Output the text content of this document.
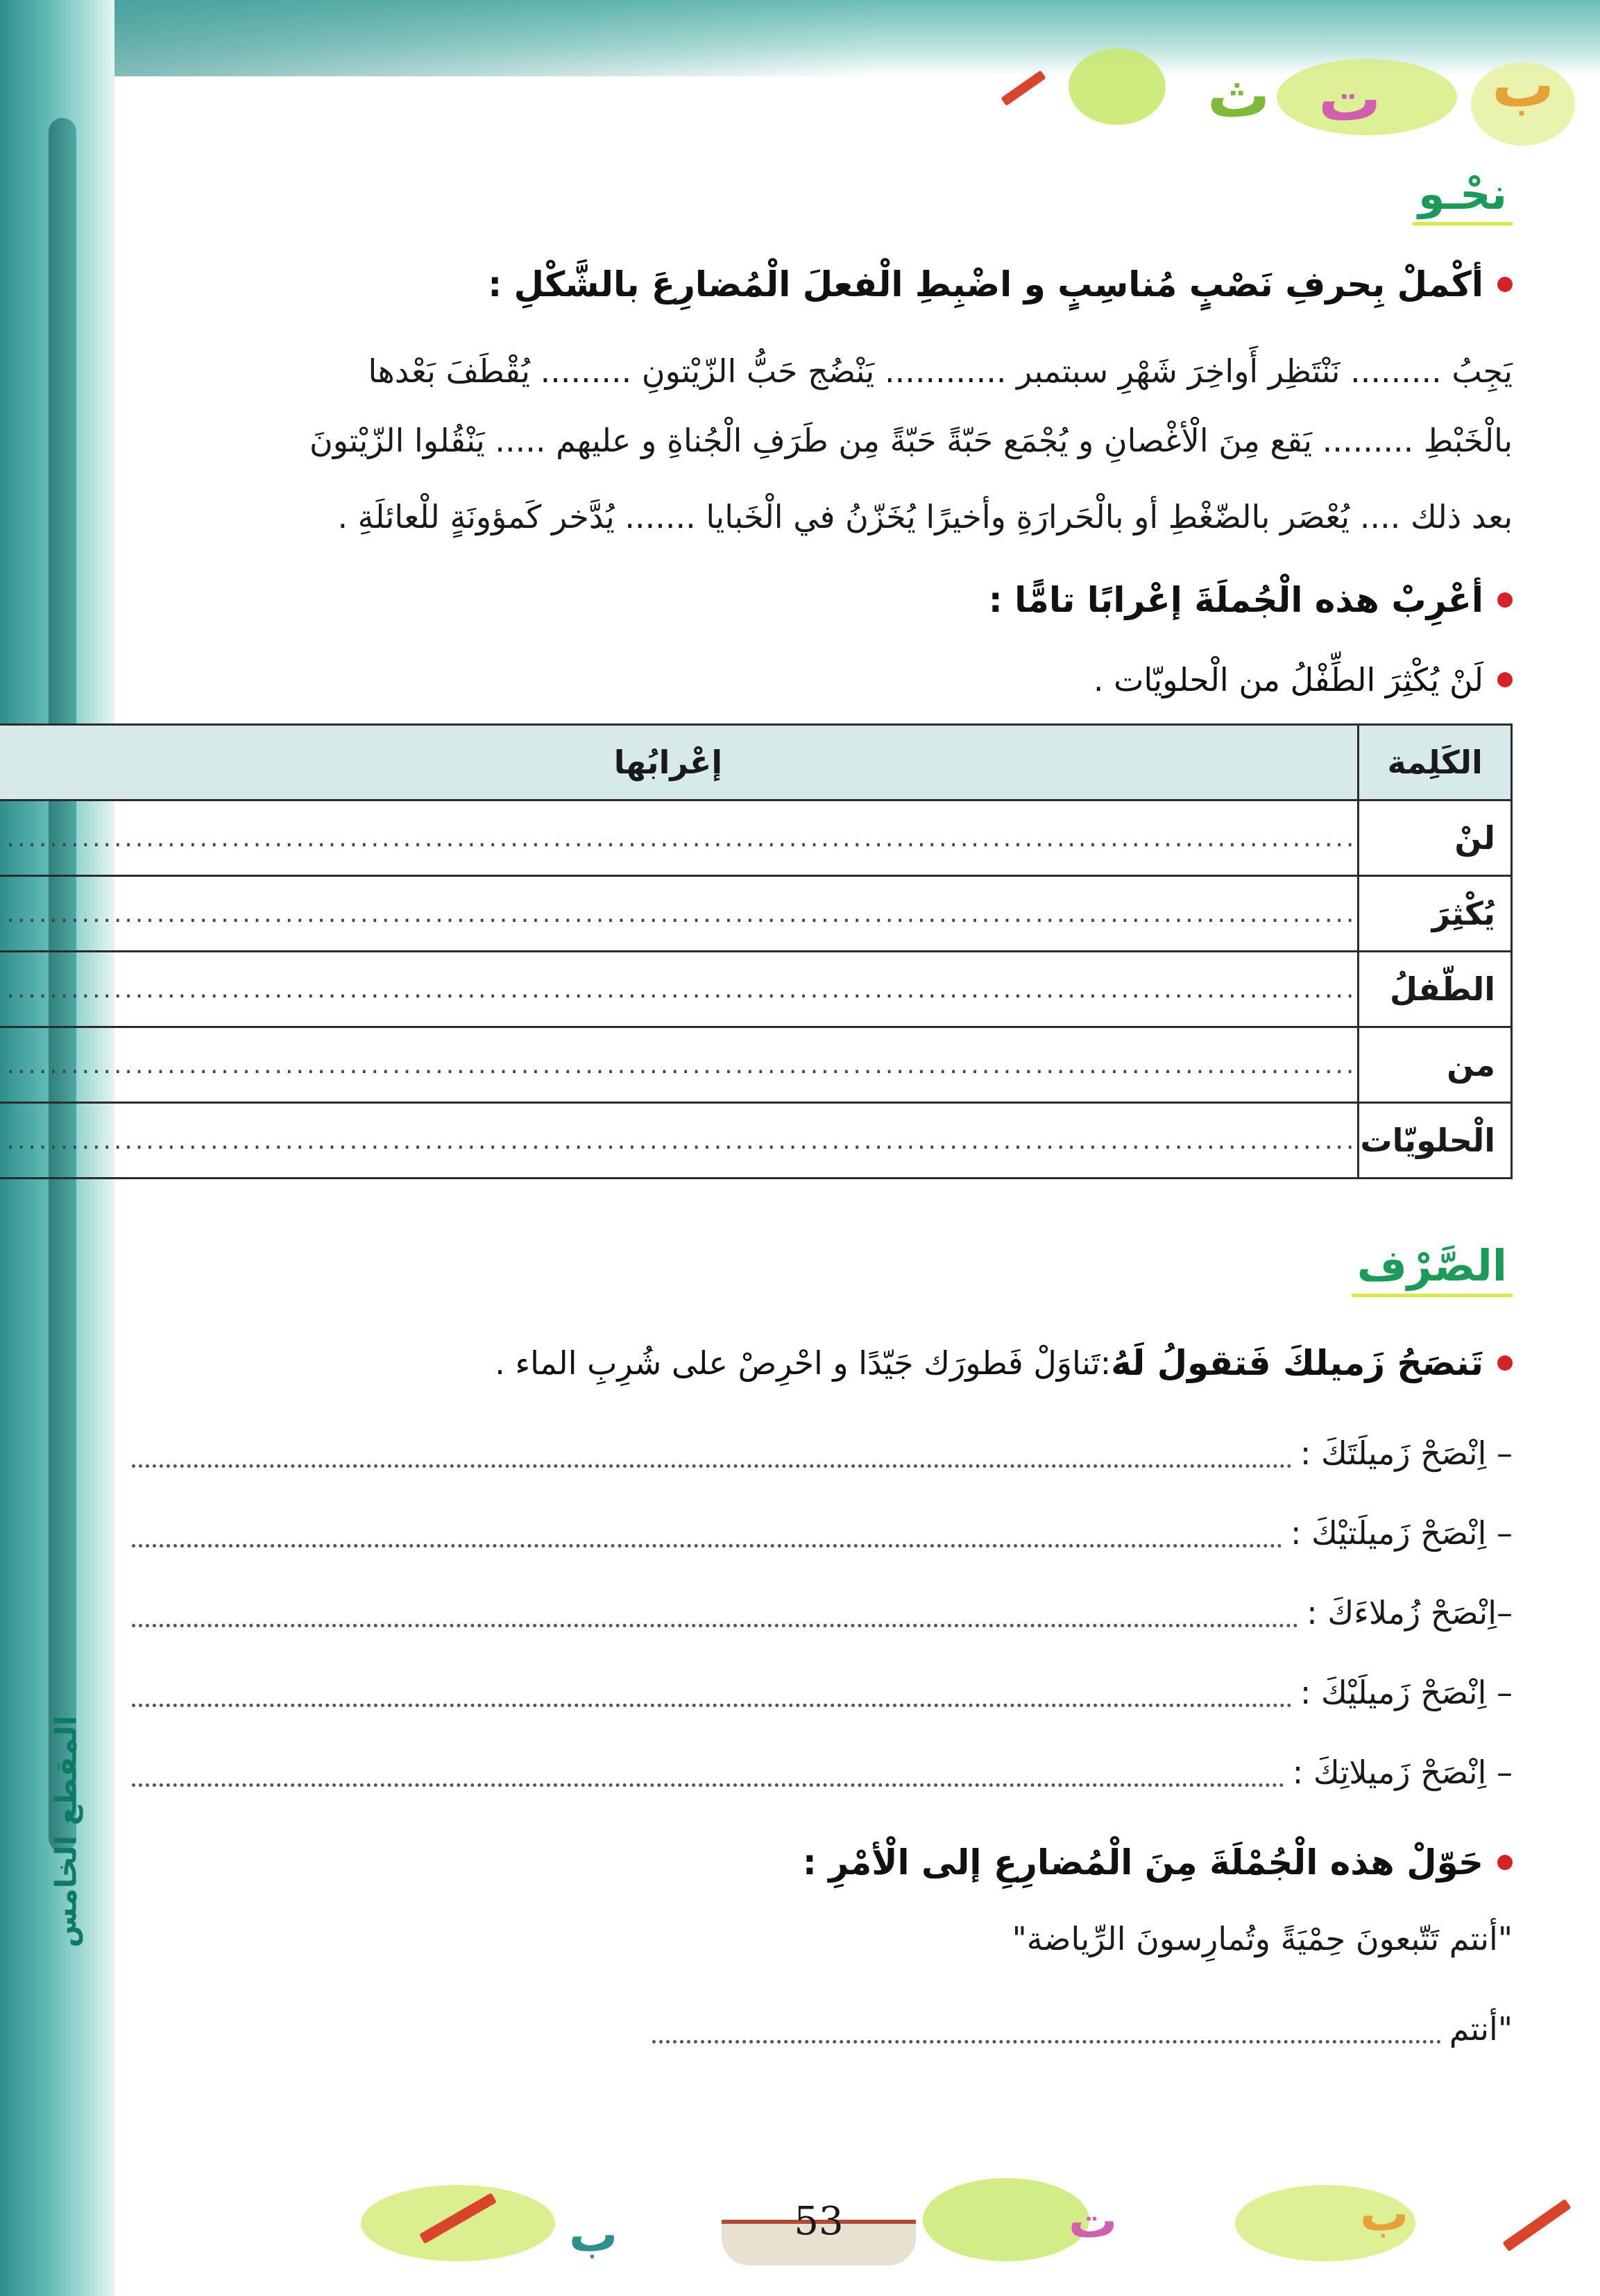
ث ت ب
ب	ت	ب
53
المقطع الخامس
نحْـو
أكْملْ بِحرفِ نَصْبٍ مُناسِبٍ و اضْبِطِ الْفعلَ الْمُضارِعَ بالشَّكْلِ :
يَجِبُ ......... نَنْتَظِر أَواخِرَ شَهْرِ سبتمبر ............ يَنْضُج حَبُّ الزّيْتونِ ......... يُقْطَفَ بَعْدها
بالْخَبْطِ ......... يَقع مِنَ الْأغْصانِ و يُجْمَع حَبّةً حَبّةً مِن طَرَفِ الْجُناةِ و عليهم ..... يَنْقُلوا الزّيْتونَ
بعد ذلك .... يُعْصَر بالضّغْطِ أو بالْحَرارَةِ وأخيرًا يُخَزّنُ في الْخَبايا ....... يُدَّخر كَمؤونَةٍ للْعائلَةِ .
أعْرِبْ هذه الْجُملَةَ إعْرابًا تامًّا :
لَنْ يُكْثِرَ الطِّفْلُ من الْحلويّات .
الكَلِمة	إعْرابُها
لنْ	..............................................................................................................................
يُكْثِرَ	..............................................................................................................................
الطّفلُ	..............................................................................................................................
من	..............................................................................................................................
الْحلويّات	..............................................................................................................................
الصَّرْف
تَنصَحُ زَميلكَ فَتقولُ لَهُ
:تَناوَلْ فَطورَك جَيّدًا و احْرِصْ على شُرِبِ الماء .
– اِنْصَحْ زَميلَتَكَ :
– اِنْصَحْ زَميلَتيْكَ :
–اِنْصَحْ زُملاءَكَ :
– اِنْصَحْ زَميلَيْكَ :
– اِنْصَحْ زَميلاتِكَ :
حَوّلْ هذه الْجُمْلَةَ مِنَ الْمُضارِعِ إلى الْأمْرِ :
"أنتم تَتّبعونَ حِمْيَةً وتُمارِسونَ الرِّياضة"
"أنتم
